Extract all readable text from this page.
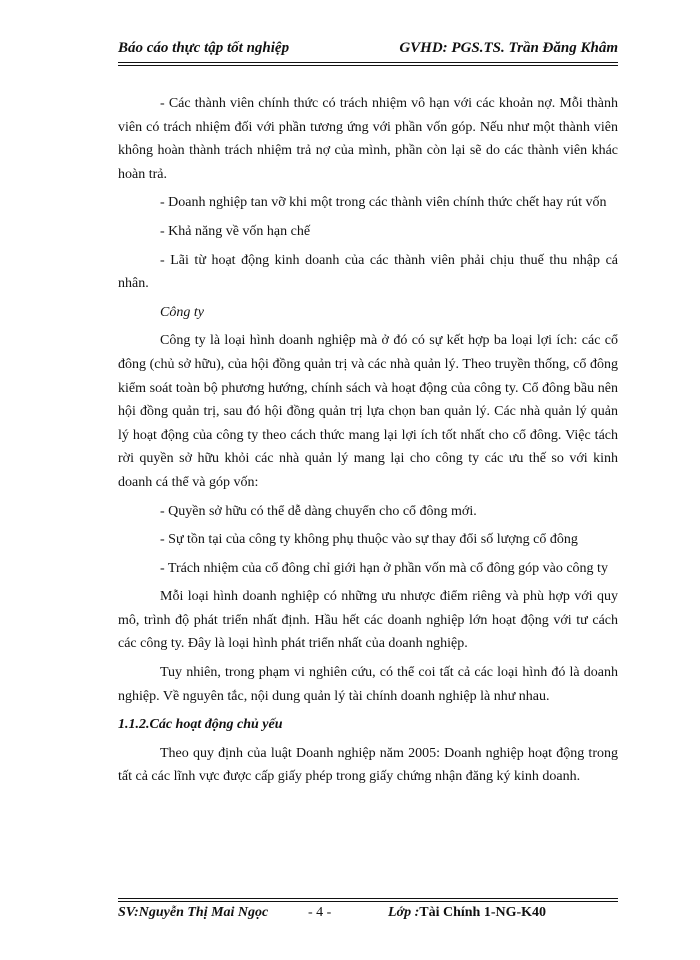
Báo cáo thực tập tốt nghiệp	GVHD: PGS.TS. Trần Đăng Khâm

- Các thành viên chính thức có trách nhiệm vô hạn với các khoản nợ. Mỗi thành viên có trách nhiệm đối với phần tương ứng với phần vốn góp. Nếu như một thành viên không hoàn thành trách nhiệm trả nợ của mình, phần còn lại sẽ do các thành viên khác hoàn trả.

- Doanh nghiệp tan vỡ khi một trong các thành viên chính thức chết hay rút vốn

- Khả năng về vốn hạn chế

- Lãi từ hoạt động kinh doanh của các thành viên phải chịu thuế thu nhập cá nhân.

Công ty

Công ty là loại hình doanh nghiệp mà ở đó có sự kết hợp ba loại lợi ích: các cổ đông (chủ sở hữu), của hội đồng quản trị và các nhà quản lý. Theo truyền thống, cổ đông kiểm soát toàn bộ phương hướng, chính sách và hoạt động của công ty. Cổ đông bầu nên hội đồng quản trị, sau đó hội đồng quản trị lựa chọn ban quản lý. Các nhà quản lý quản lý hoạt động của công ty theo cách thức mang lại lợi ích tốt nhất cho cổ đông. Việc tách rời quyền sở hữu khỏi các nhà quản lý mang lại cho công ty các ưu thế so với kinh doanh cá thể và góp vốn:

- Quyền sở hữu có thể dễ dàng chuyển cho cổ đông mới.

- Sự tồn tại của công ty không phụ thuộc vào sự thay đổi số lượng cổ đông

- Trách nhiệm của cổ đông chỉ giới hạn ở phần vốn mà cổ đông góp vào công ty

Mỗi loại hình doanh nghiệp có những ưu nhược điểm riêng và phù hợp với quy mô, trình độ phát triển nhất định. Hầu hết các doanh nghiệp lớn hoạt động với tư cách các công ty. Đây là loại hình phát triển nhất của doanh nghiệp.

Tuy nhiên, trong phạm vi nghiên cứu, có thể coi tất cả các loại hình đó là doanh nghiệp. Về nguyên tắc, nội dung quản lý tài chính doanh nghiệp là như nhau.

1.1.2.Các hoạt động chủ yếu

Theo quy định của luật Doanh nghiệp năm 2005: Doanh nghiệp hoạt động trong tất cả các lĩnh vực được cấp giấy phép trong giấy chứng nhận đăng ký kinh doanh.

SV:Nguyễn Thị Mai Ngọc	- 4 -	Lớp :Tài Chính 1-NG-K40
